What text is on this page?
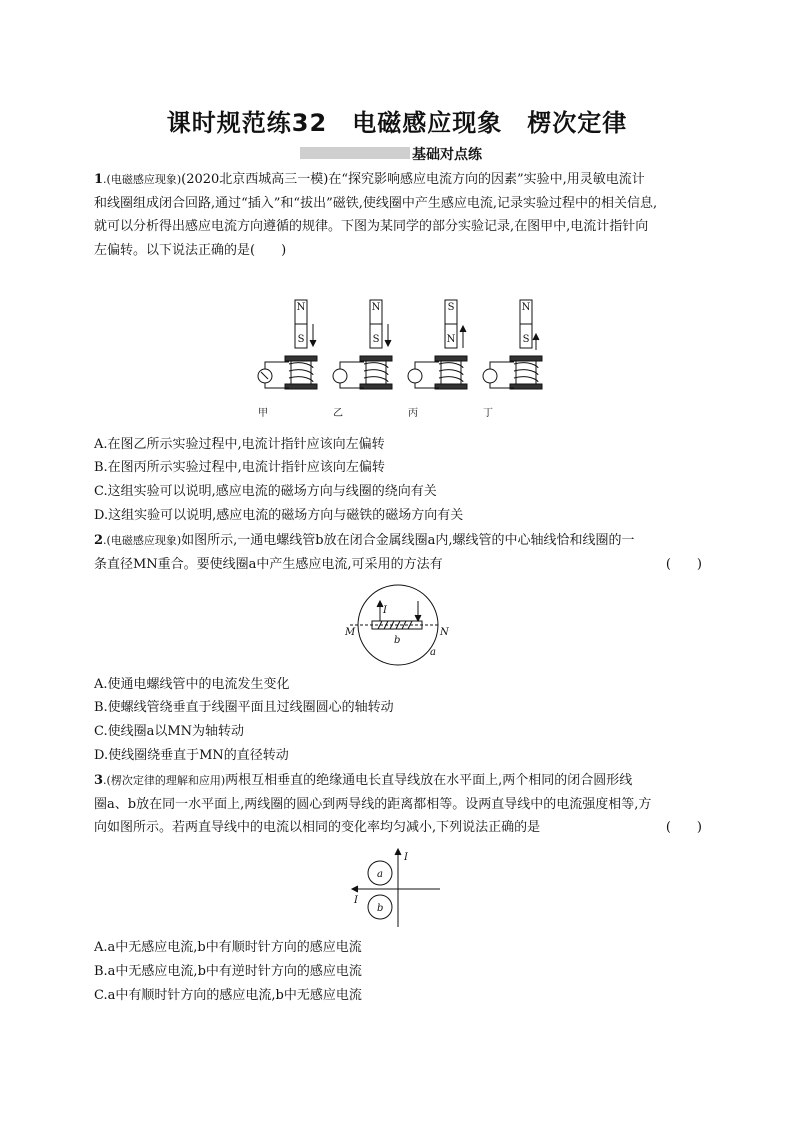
课时规范练32　电磁感应现象　楞次定律
基础对点练
1.(电磁感应现象)(2020北京西城高三一模)在“探究影响感应电流方向的因素”实验中,用灵敏电流计
和线圈组成闭合回路,通过“插入”和“拔出”磁铁,使线圈中产生感应电流,记录实验过程中的相关信息,
就可以分析得出感应电流方向遵循的规律。下图为某同学的部分实验记录,在图甲中,电流计指针向
左偏转。以下说法正确的是(　　)
N
S
N
S
S
N
N
S
甲	乙	丙	丁
A.在图乙所示实验过程中,电流计指针应该向左偏转
B.在图丙所示实验过程中,电流计指针应该向左偏转
C.这组实验可以说明,感应电流的磁场方向与线圈的绕向有关
D.这组实验可以说明,感应电流的磁场方向与磁铁的磁场方向有关
2.(电磁感应现象)如图所示,一通电螺线管b放在闭合金属线圈a内,螺线管的中心轴线恰和线圈的一
条直径MN重合。要使线圈a中产生感应电流,可采用的方法有	(　　)
I
M	N
b
a
A.使通电螺线管中的电流发生变化
B.使螺线管绕垂直于线圈平面且过线圈圆心的轴转动
C.使线圈a以MN为轴转动
D.使线圈绕垂直于MN的直径转动
3.(楞次定律的理解和应用)两根互相垂直的绝缘通电长直导线放在水平面上,两个相同的闭合圆形线
圈a、b放在同一水平面上,两线圈的圆心到两导线的距离都相等。设两直导线中的电流强度相等,方
向如图所示。若两直导线中的电流以相同的变化率均匀减小,下列说法正确的是	(　　)
I
I
a
b
A.a中无感应电流,b中有顺时针方向的感应电流
B.a中无感应电流,b中有逆时针方向的感应电流
C.a中有顺时针方向的感应电流,b中无感应电流
